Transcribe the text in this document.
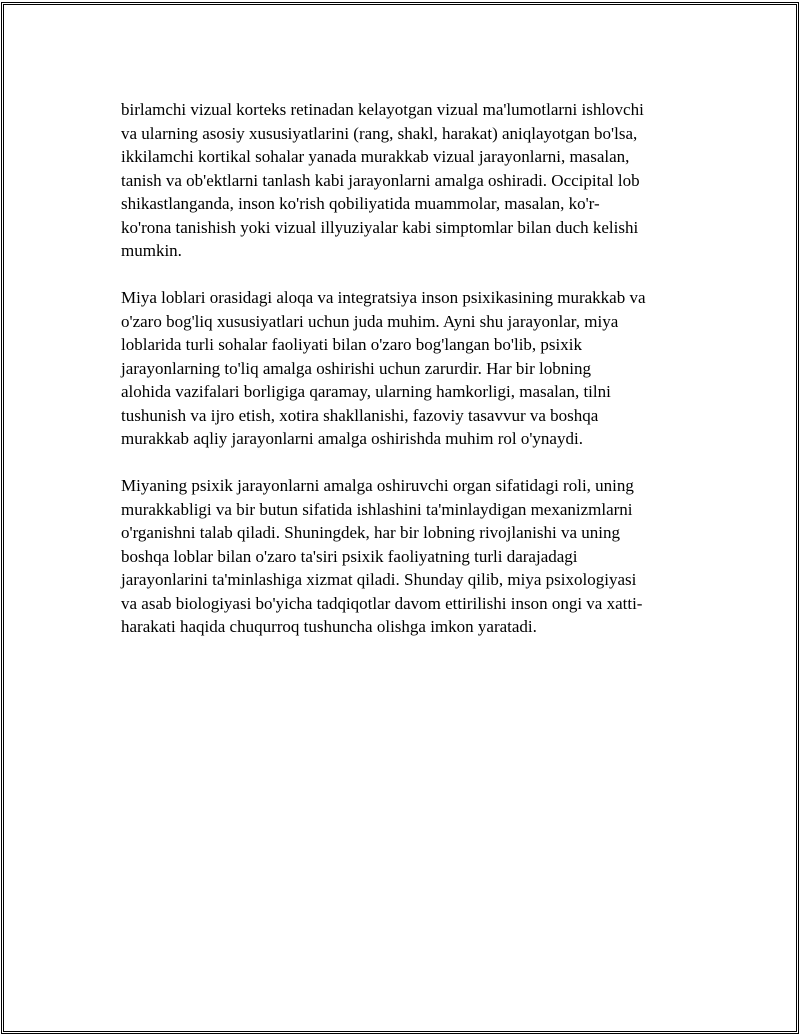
birlamchi vizual korteks retinadan kelayotgan vizual ma'lumotlarni ishlovchi
va ularning asosiy xususiyatlarini (rang, shakl, harakat) aniqlayotgan bo'lsa,
ikkilamchi kortikal sohalar yanada murakkab vizual jarayonlarni, masalan,
tanish va ob'ektlarni tanlash kabi jarayonlarni amalga oshiradi. Occipital lob
shikastlanganda, inson ko'rish qobiliyatida muammolar, masalan, ko'r-
ko'rona tanishish yoki vizual illyuziyalar kabi simptomlar bilan duch kelishi
mumkin.
Miya loblari orasidagi aloqa va integratsiya inson psixikasining murakkab va
o'zaro bog'liq xususiyatlari uchun juda muhim. Ayni shu jarayonlar, miya
loblarida turli sohalar faoliyati bilan o'zaro bog'langan bo'lib, psixik
jarayonlarning to'liq amalga oshirishi uchun zarurdir. Har bir lobning
alohida vazifalari borligiga qaramay, ularning hamkorligi, masalan, tilni
tushunish va ijro etish, xotira shakllanishi, fazoviy tasavvur va boshqa
murakkab aqliy jarayonlarni amalga oshirishda muhim rol o'ynaydi.
Miyaning psixik jarayonlarni amalga oshiruvchi organ sifatidagi roli, uning
murakkabligi va bir butun sifatida ishlashini ta'minlaydigan mexanizmlarni
o'rganishni talab qiladi. Shuningdek, har bir lobning rivojlanishi va uning
boshqa loblar bilan o'zaro ta'siri psixik faoliyatning turli darajadagi
jarayonlarini ta'minlashiga xizmat qiladi. Shunday qilib, miya psixologiyasi
va asab biologiyasi bo'yicha tadqiqotlar davom ettirilishi inson ongi va xatti-
harakati haqida chuqurroq tushuncha olishga imkon yaratadi.
